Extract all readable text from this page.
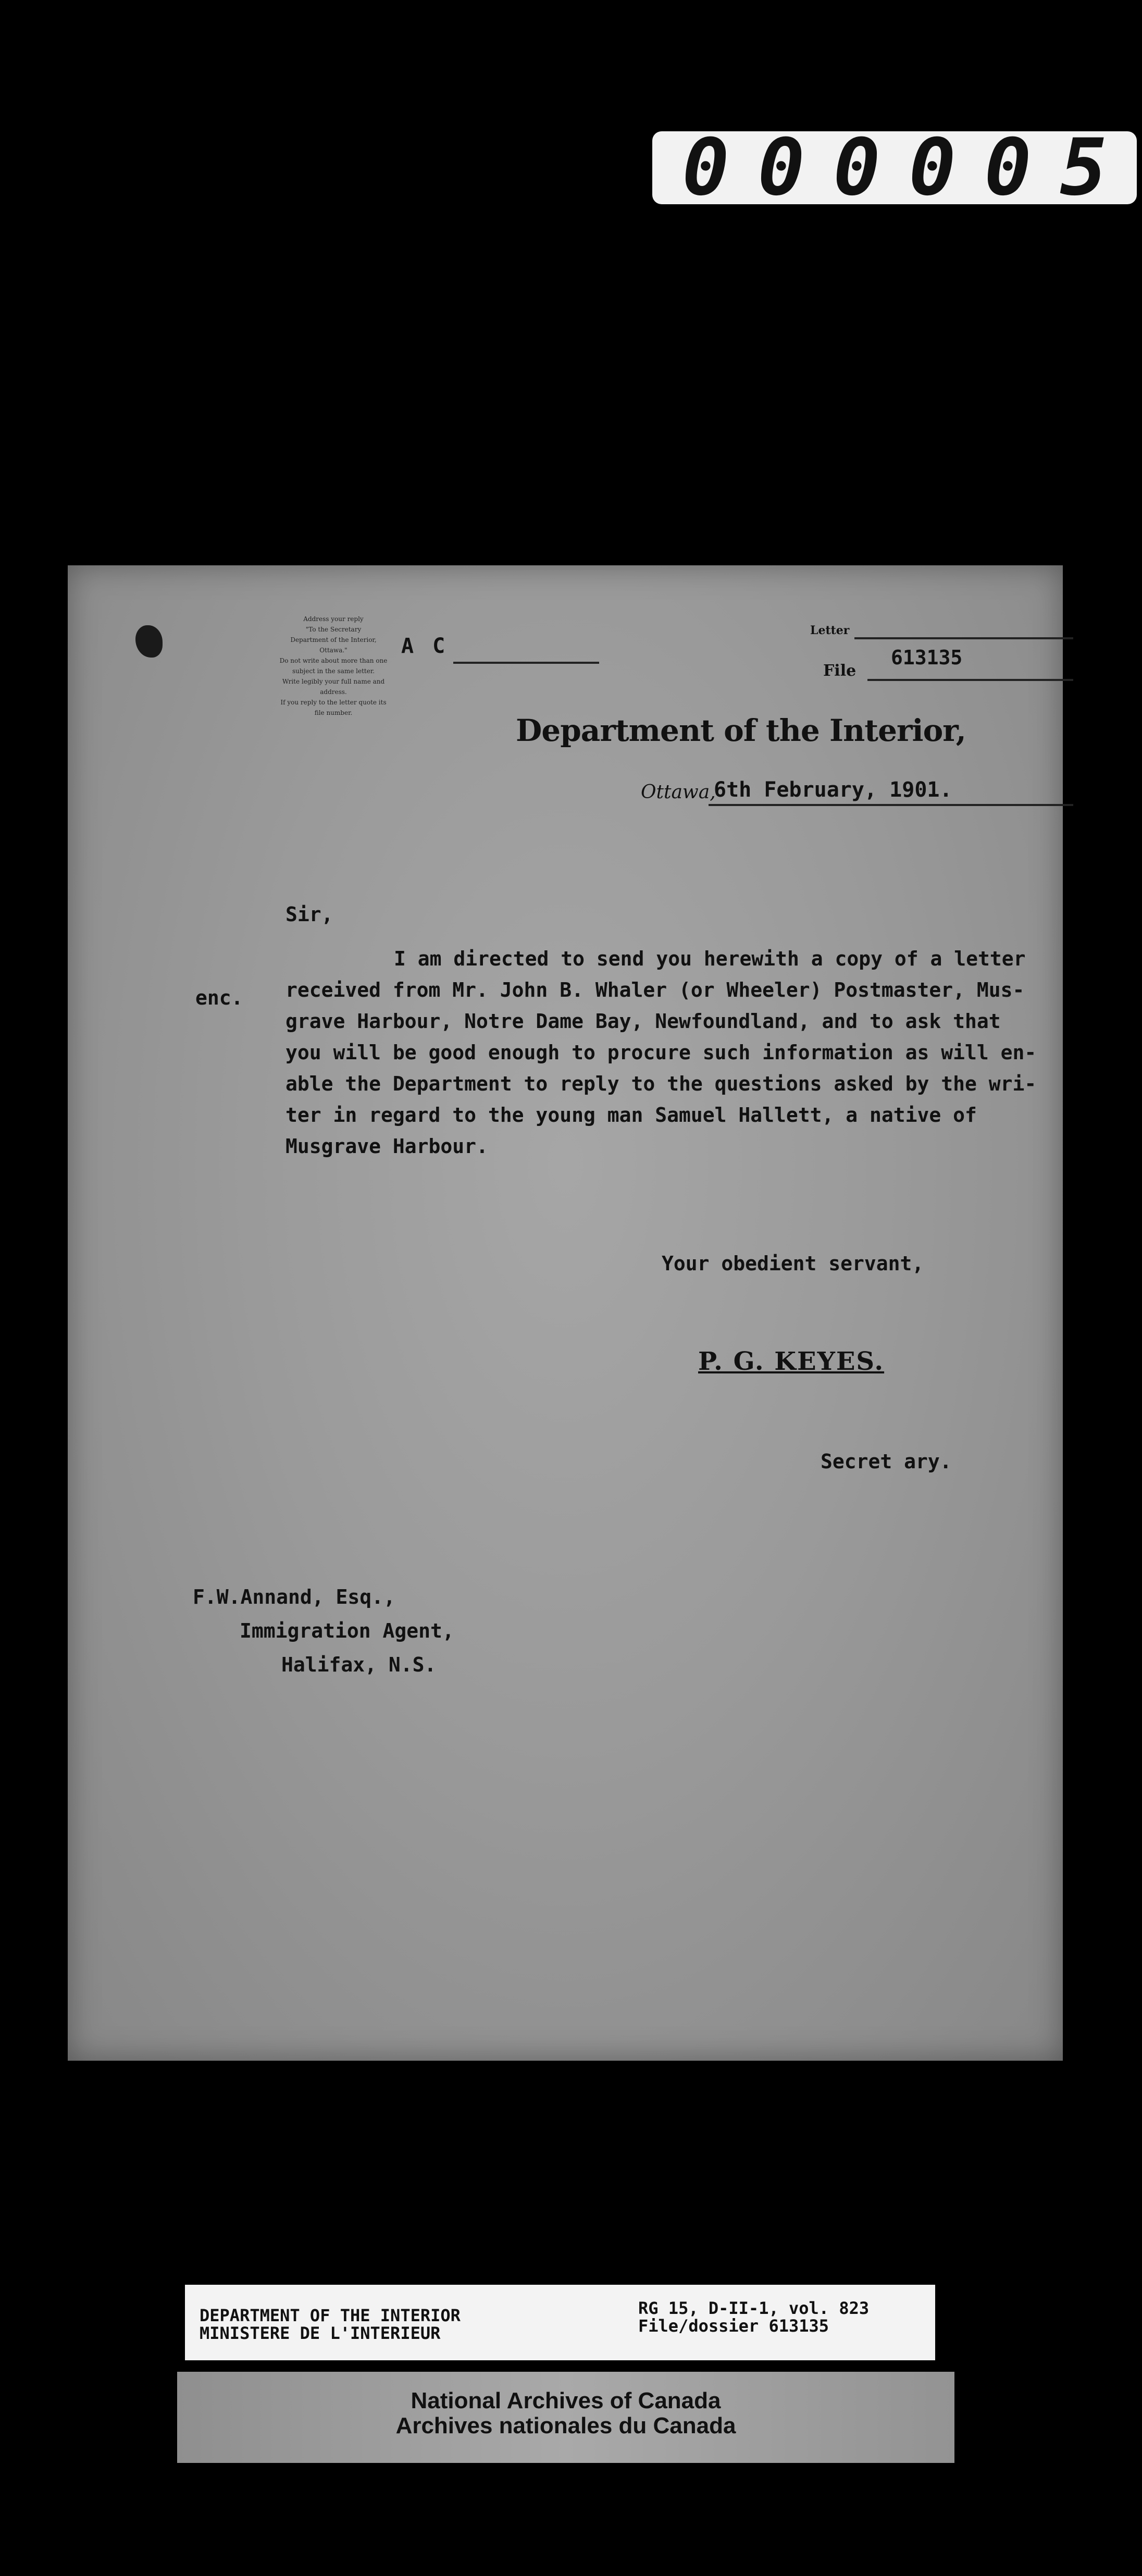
0 0 0 0 0 5
Address your reply
"To the Secretary
Department of the Interior,
Ottawa."
Do not write about more than one
subject in the same letter.
Write legibly your full name and
address.
If you reply to the letter quote its
file number.
A C
Letter
File
613135
Department of the Interior,
Ottawa,
6th February, 1901.
Sir,
enc.
I am directed to send you herewith a copy of a letter
received from Mr. John B. Whaler (or Wheeler) Postmaster, Mus-
grave Harbour, Notre Dame Bay, Newfoundland, and to ask that
you will be good enough to procure such information as will en-
able the Department to reply to the questions asked by the wri-
ter in regard to the young man Samuel Hallett, a native of
Musgrave Harbour.
Your obedient servant,
P. G. KEYES.
Secret ary.
F.W.Annand, Esq.,
Immigration Agent,
Halifax, N.S.
DEPARTMENT OF THE INTERIOR
MINISTERE DE L'INTERIEUR
RG 15, D-II-1, vol. 823
File/dossier 613135
National Archives of Canada
Archives nationales du Canada
